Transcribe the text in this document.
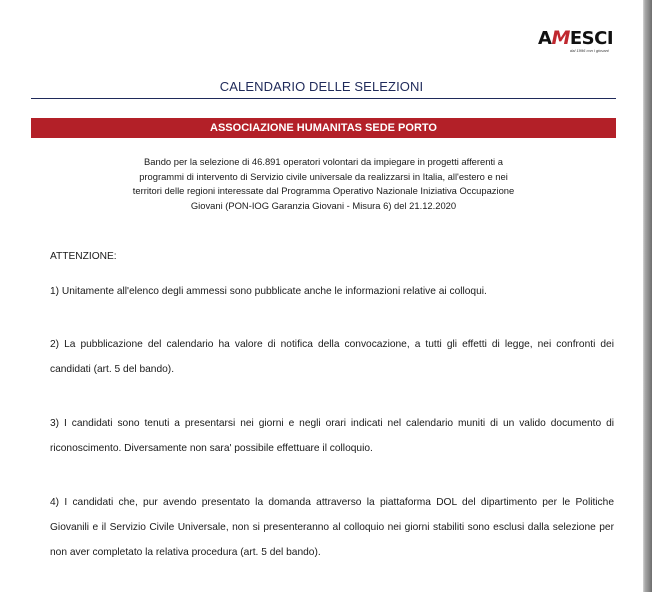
AMESCI
dal 1996 con i giovani
CALENDARIO DELLE SELEZIONI
ASSOCIAZIONE HUMANITAS SEDE PORTO
Bando per la selezione di 46.891 operatori volontari da impiegare in progetti afferenti a
programmi di intervento di Servizio civile universale da realizzarsi in Italia, all'estero e nei
territori delle regioni interessate dal Programma Operativo Nazionale Iniziativa Occupazione
Giovani (PON-IOG Garanzia Giovani - Misura 6) del 21.12.2020
ATTENZIONE:
1) Unitamente all'elenco degli ammessi sono pubblicate anche le informazioni relative ai colloqui.
2) La pubblicazione del calendario ha valore di notifica della convocazione, a tutti gli effetti di legge, nei confronti dei candidati (art. 5 del bando).
3) I candidati sono tenuti a presentarsi nei giorni e negli orari indicati nel calendario muniti di un valido documento di riconoscimento. Diversamente non sara' possibile effettuare il colloquio.
4) I candidati che, pur avendo presentato la domanda attraverso la piattaforma DOL del dipartimento per le Politiche Giovanili e il Servizio Civile Universale, non si presenteranno al colloquio nei giorni stabiliti sono esclusi dalla selezione per non aver completato la relativa procedura (art. 5 del bando).
